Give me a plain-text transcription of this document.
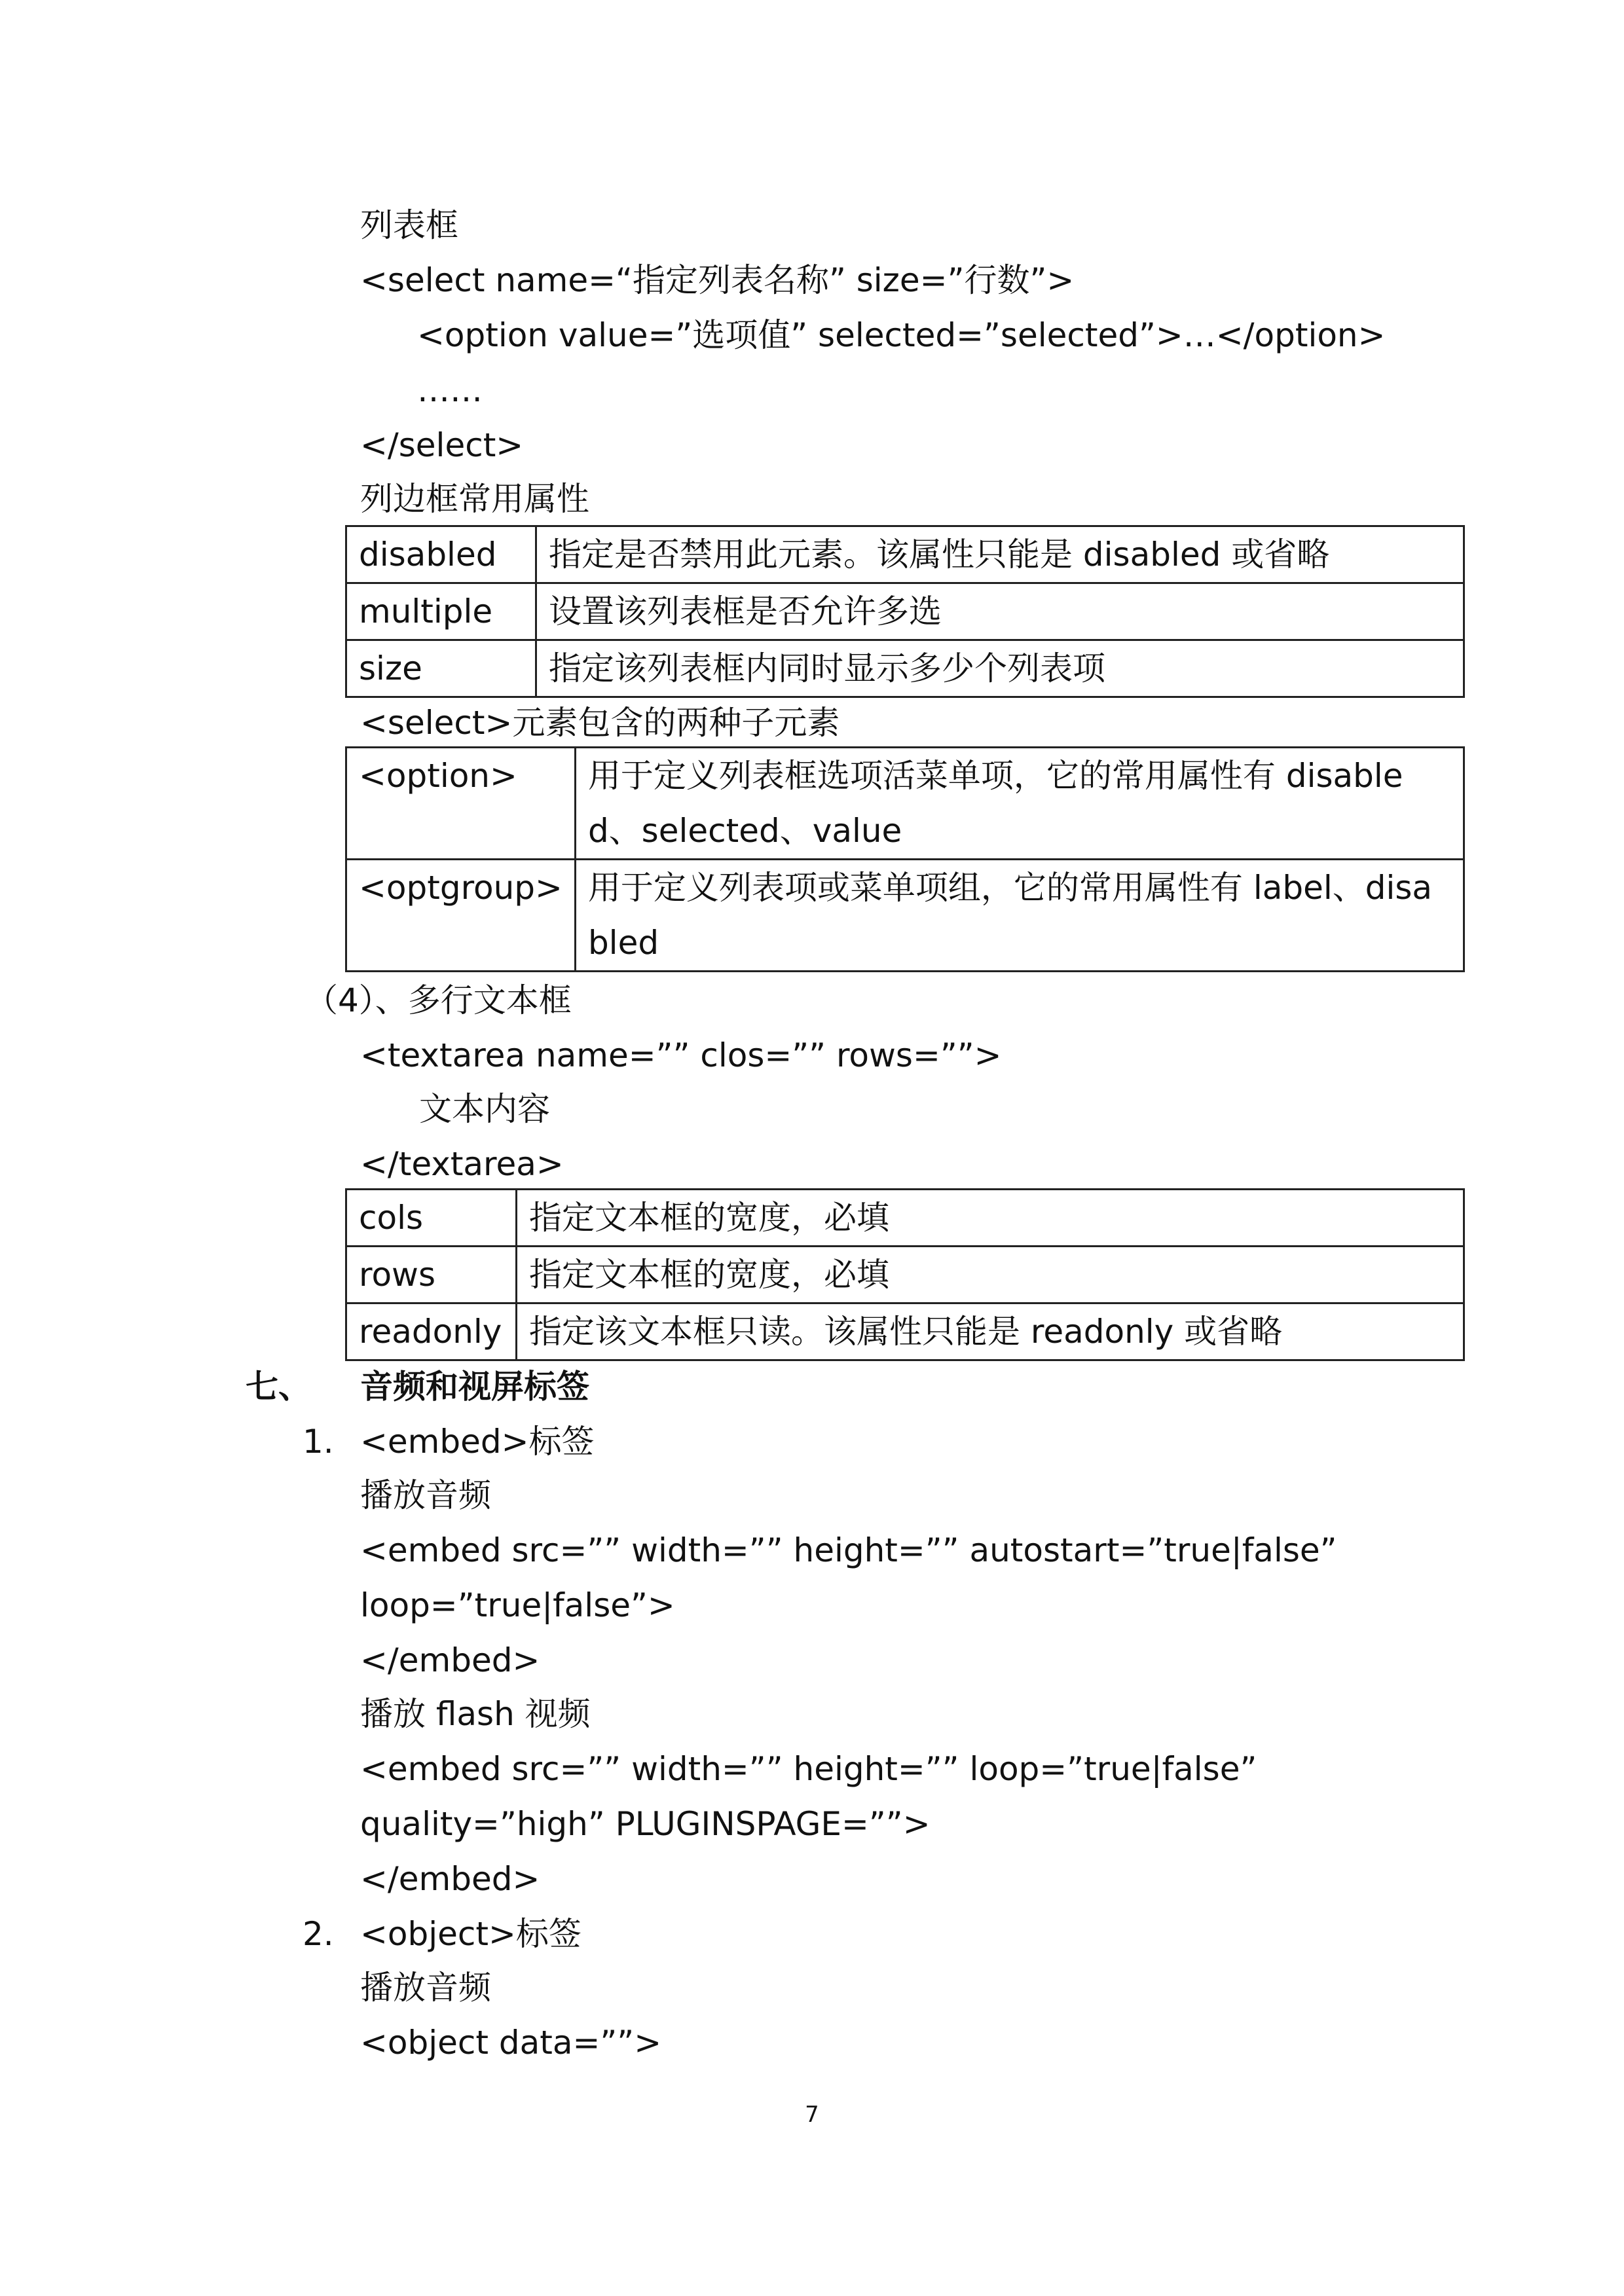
列表框
<select name=“指定列表名称” size=”行数”>
<option value=”选项值” selected=”selected”>…</option>
……
</select>
列边框常用属性
disabled	指定是否禁用此元素。该属性只能是 disabled 或省略
multiple	设置该列表框是否允许多选
size	指定该列表框内同时显示多少个列表项
<select>元素包含的两种子元素
<option>	用于定义列表框选项活菜单项，它的常用属性有 disabled、selected、value
<optgroup>	用于定义列表项或菜单项组，它的常用属性有 label、disabled
（4）、多行文本框
<textarea name=”” clos=”” rows=””>
文本内容
</textarea>
cols	指定文本框的宽度，必填
rows	指定文本框的宽度，必填
readonly	指定该文本框只读。该属性只能是 readonly 或省略
七、 音频和视屏标签
1. <embed>标签
播放音频
<embed src=”” width=”” height=”” autostart=”true|false”
loop=”true|false”>
</embed>
播放 flash 视频
<embed src=”” width=”” height=”” loop=”true|false”
quality=”high” PLUGINSPAGE=””>
</embed>
2. <object>标签
播放音频
<object data=””>
7
